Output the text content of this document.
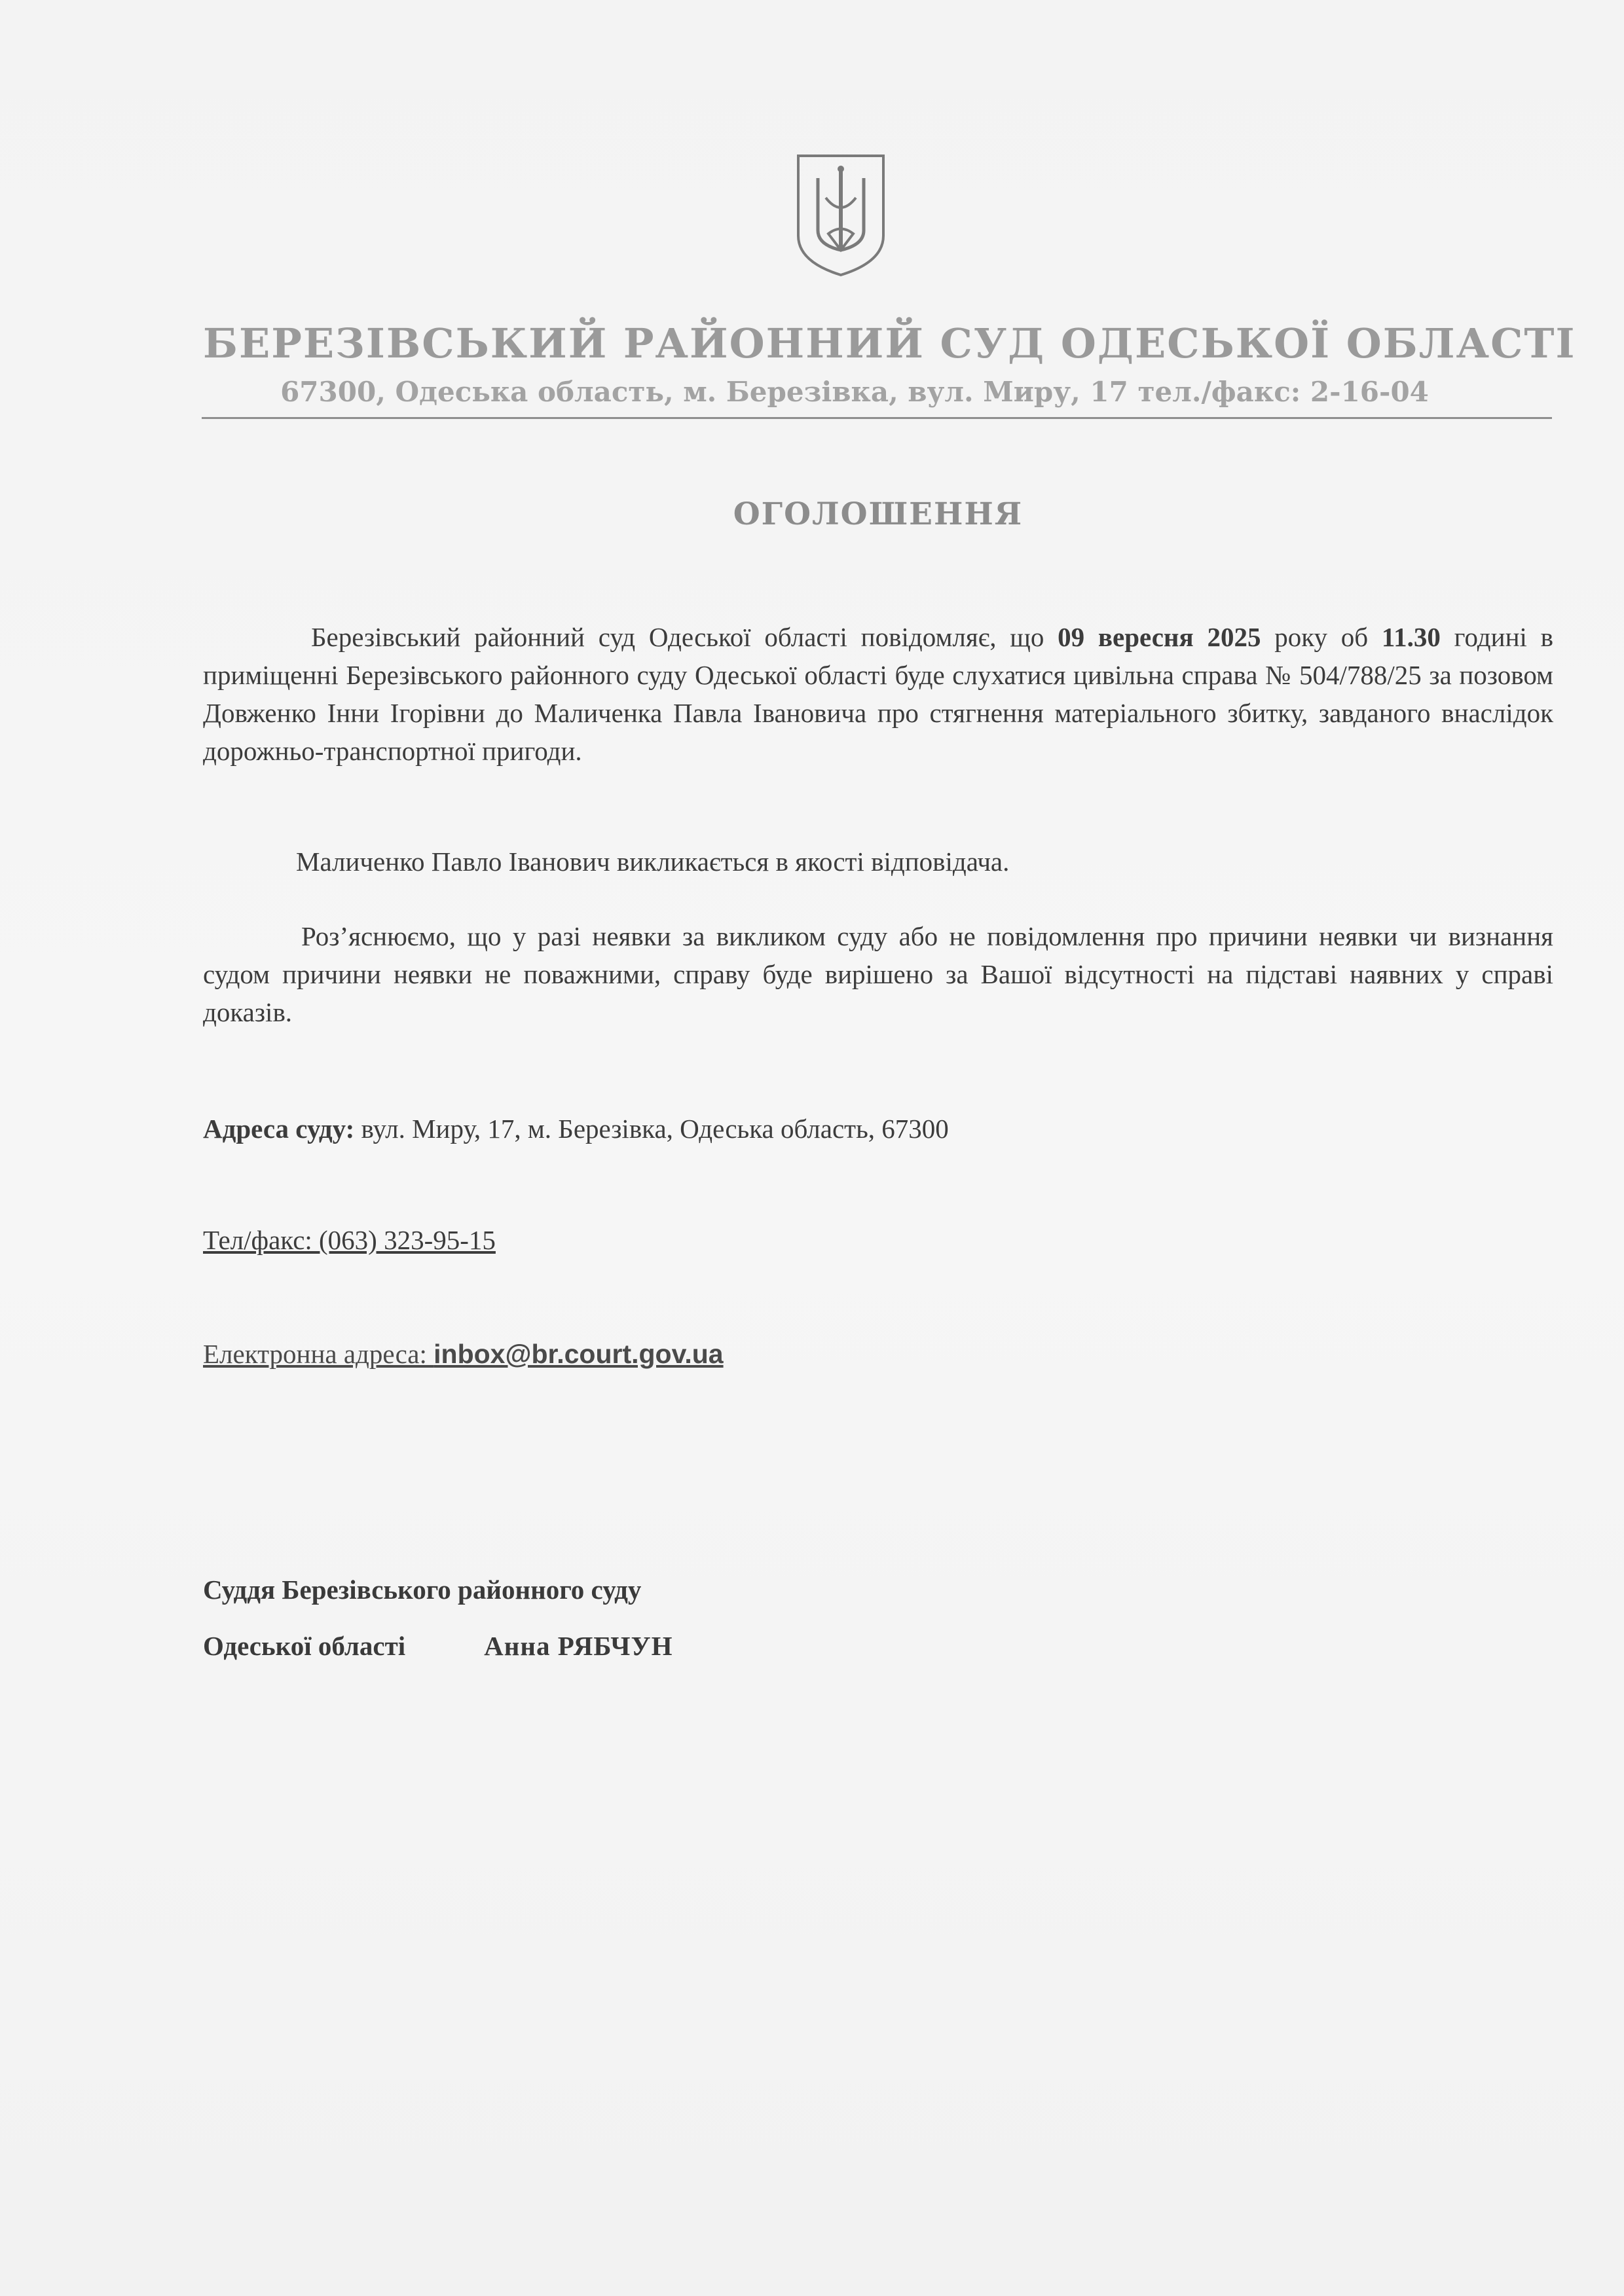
БЕРЕЗІВСЬКИЙ РАЙОННИЙ СУД ОДЕСЬКОЇ ОБЛАСТІ
67300, Одеська область, м. Березівка, вул. Миру, 17 тел./факс: 2-16-04
ОГОЛОШЕННЯ
Березівський районний суд Одеської області повідомляє, що 09 вересня 2025 року об 11.30 годині в приміщенні Березівського районного суду Одеської області буде слухатися цивільна справа № 504/788/25 за позовом Довженко Інни Ігорівни до Маличенка Павла Івановича про стягнення матеріального збитку, завданого внаслідок дорожньо-транспортної пригоди.
Маличенко Павло Іванович викликається в якості відповідача.
Роз’яснюємо, що у разі неявки за викликом суду або не повідомлення про причини неявки чи визнання судом причини неявки не поважними, справу буде вирішено за Вашої відсутності на підставі наявних у справі доказів.
Адреса суду: вул. Миру, 17, м. Березівка, Одеська область, 67300
Тел/факс: (063) 323-95-15
Електронна адреса: inbox@br.court.gov.ua
Суддя Березівського районного суду
Одеської області	Анна РЯБЧУН
